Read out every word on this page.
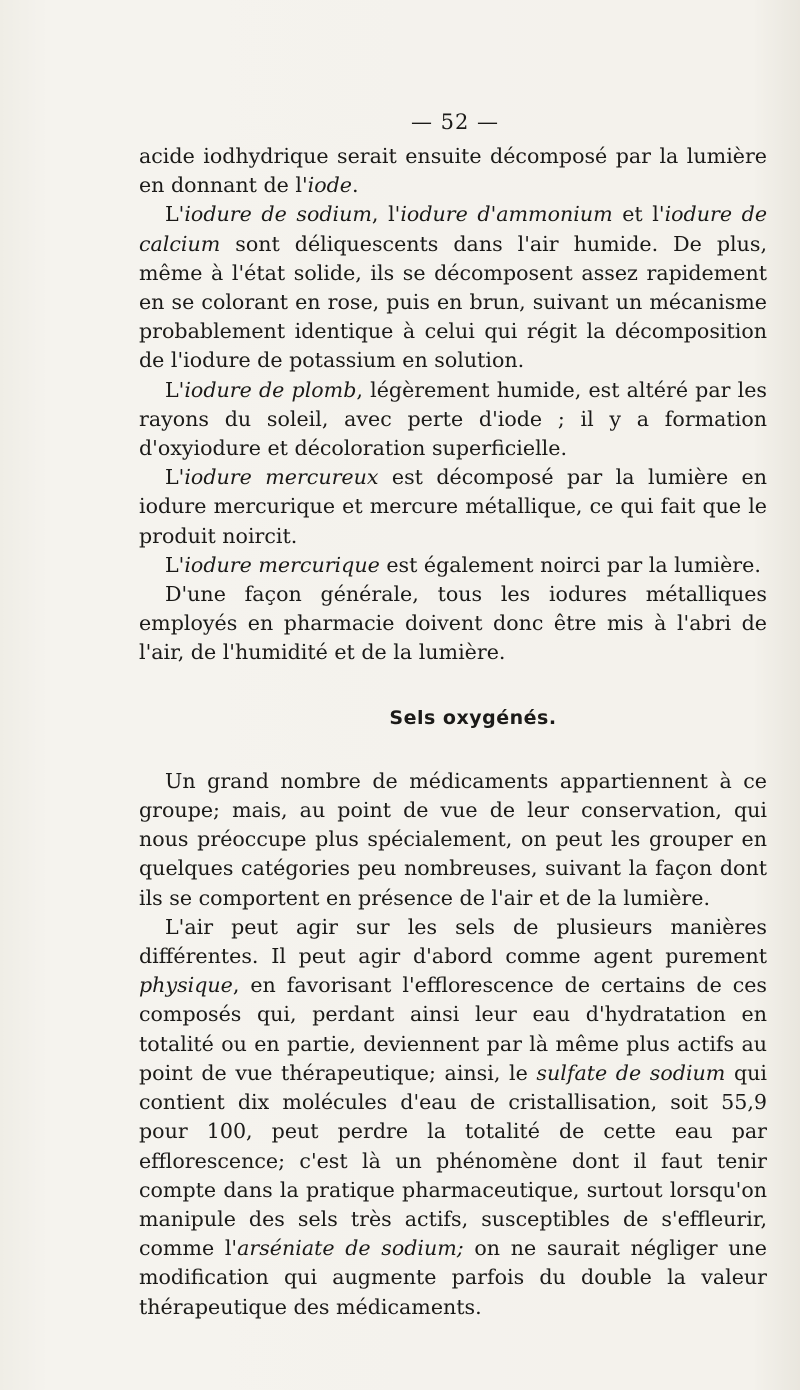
— 52 —

acide iodhydrique serait ensuite décomposé par la lumière en donnant de l'iode.

L'iodure de sodium, l'iodure d'ammonium et l'iodure de calcium sont déliquescents dans l'air humide. De plus, même à l'état solide, ils se décomposent assez rapidement en se colorant en rose, puis en brun, suivant un mécanisme probablement identique à celui qui régit la décomposition de l'iodure de potassium en solution.

L'iodure de plomb, légèrement humide, est altéré par les rayons du soleil, avec perte d'iode ; il y a formation d'oxyiodure et décoloration superficielle.

L'iodure mercureux est décomposé par la lumière en iodure mercurique et mercure métallique, ce qui fait que le produit noircit.

L'iodure mercurique est également noirci par la lumière.

D'une façon générale, tous les iodures métalliques employés en pharmacie doivent donc être mis à l'abri de l'air, de l'humidité et de la lumière.

Sels oxygénés.

Un grand nombre de médicaments appartiennent à ce groupe; mais, au point de vue de leur conservation, qui nous préoccupe plus spécialement, on peut les grouper en quelques catégories peu nombreuses, suivant la façon dont ils se comportent en présence de l'air et de la lumière.

L'air peut agir sur les sels de plusieurs manières différentes. Il peut agir d'abord comme agent purement physique, en favorisant l'efflorescence de certains de ces composés qui, perdant ainsi leur eau d'hydratation en totalité ou en partie, deviennent par là même plus actifs au point de vue thérapeutique; ainsi, le sulfate de sodium qui contient dix molécules d'eau de cristallisation, soit 55,9 pour 100, peut perdre la totalité de cette eau par efflorescence; c'est là un phénomène dont il faut tenir compte dans la pratique pharmaceutique, surtout lorsqu'on manipule des sels très actifs, susceptibles de s'effleurir, comme l'arséniate de sodium; on ne saurait négliger une modification qui augmente parfois du double la valeur thérapeutique des médicaments.
